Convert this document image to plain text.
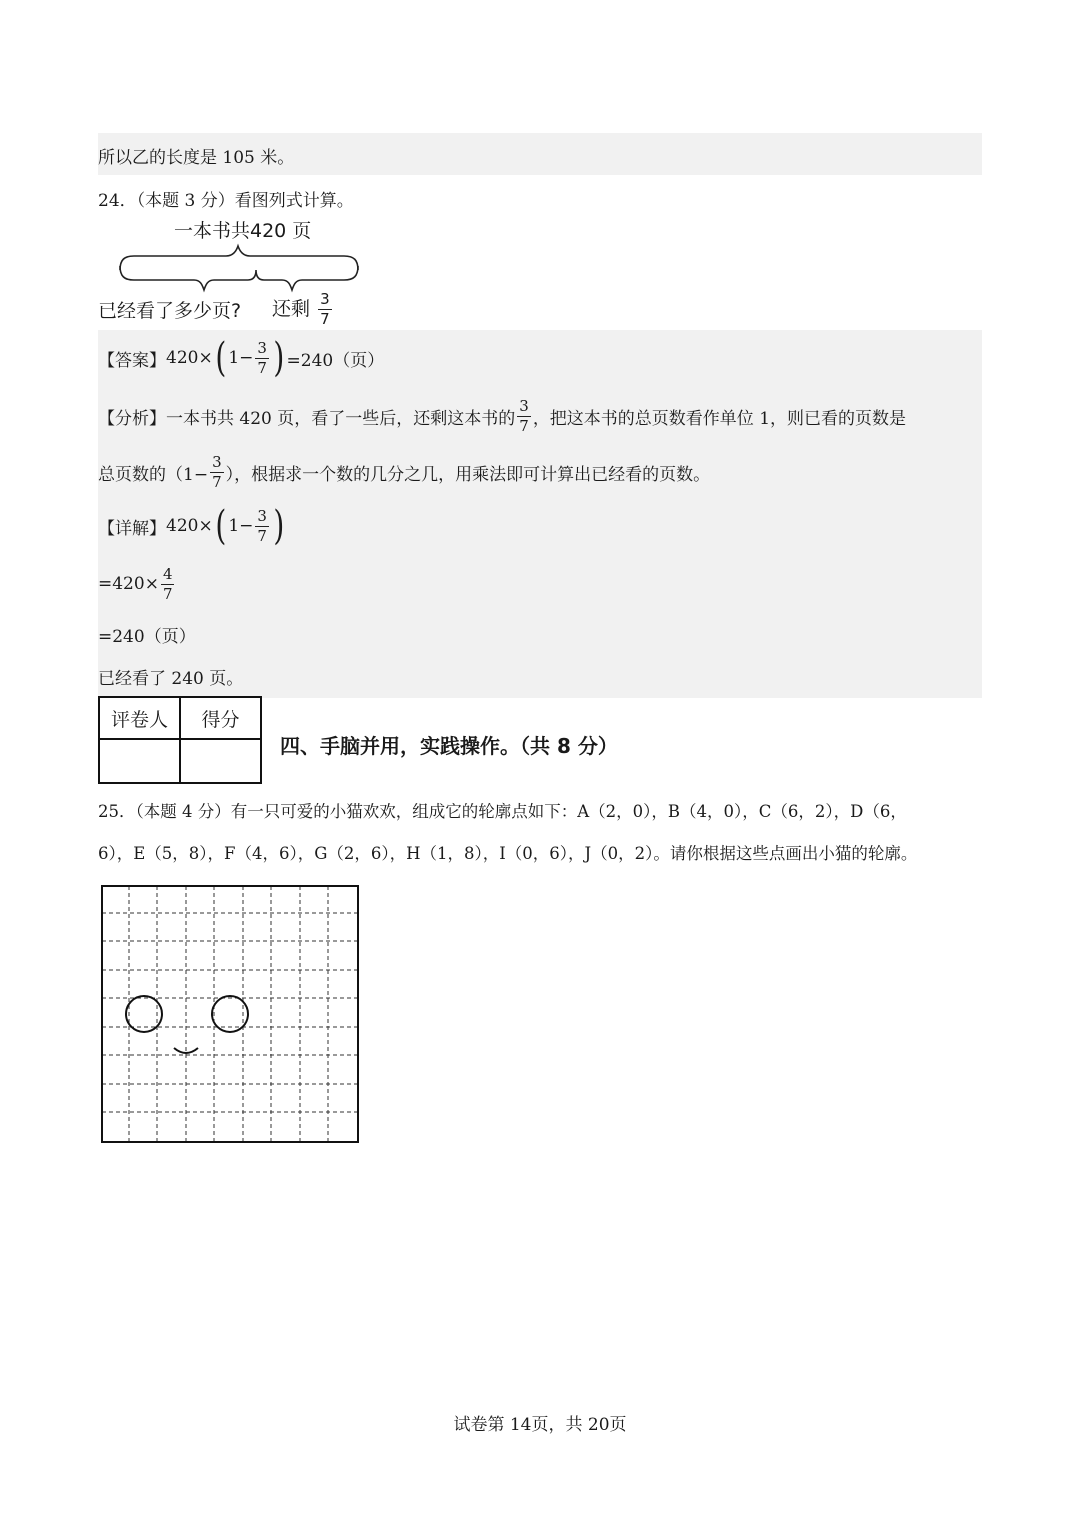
所以乙的长度是 105 米。
24．（本题 3 分）看图列式计算。
一本书共420 页
已经看了多少页? 还剩 $\frac{3}{7}$
【答案】 420× ( $1- \frac{3}{7}$ ) =240（页）
【分析】 一本书共 420 页，看了一些后，还剩这本书的 $\frac{3}{7}$ ，把这本书的总页数看作单位 1，则已看的页数是
总页数的（$1- \frac{3}{7}$ ），根据求一个数的几分之几，用乘法即可计算出已经看的页数。
【详解】 420× ( $1- \frac{3}{7}$ )
$=420\times \frac{4}{7}$
=240（页）
已经看了 240 页。
评卷人	得分

四、手脑并用，实践操作。（共 8 分）
25．（本题 4 分）有一只可爱的小猫欢欢，组成它的轮廓点如下：A（2，0），B（4，0），C（6，2），D（6，
6），E（5，8），F（4，6），G（2，6），H（1，8），I（0，6），J（0，2）。请你根据这些点画出小猫的轮廓。
试卷第 14页，共 20页
